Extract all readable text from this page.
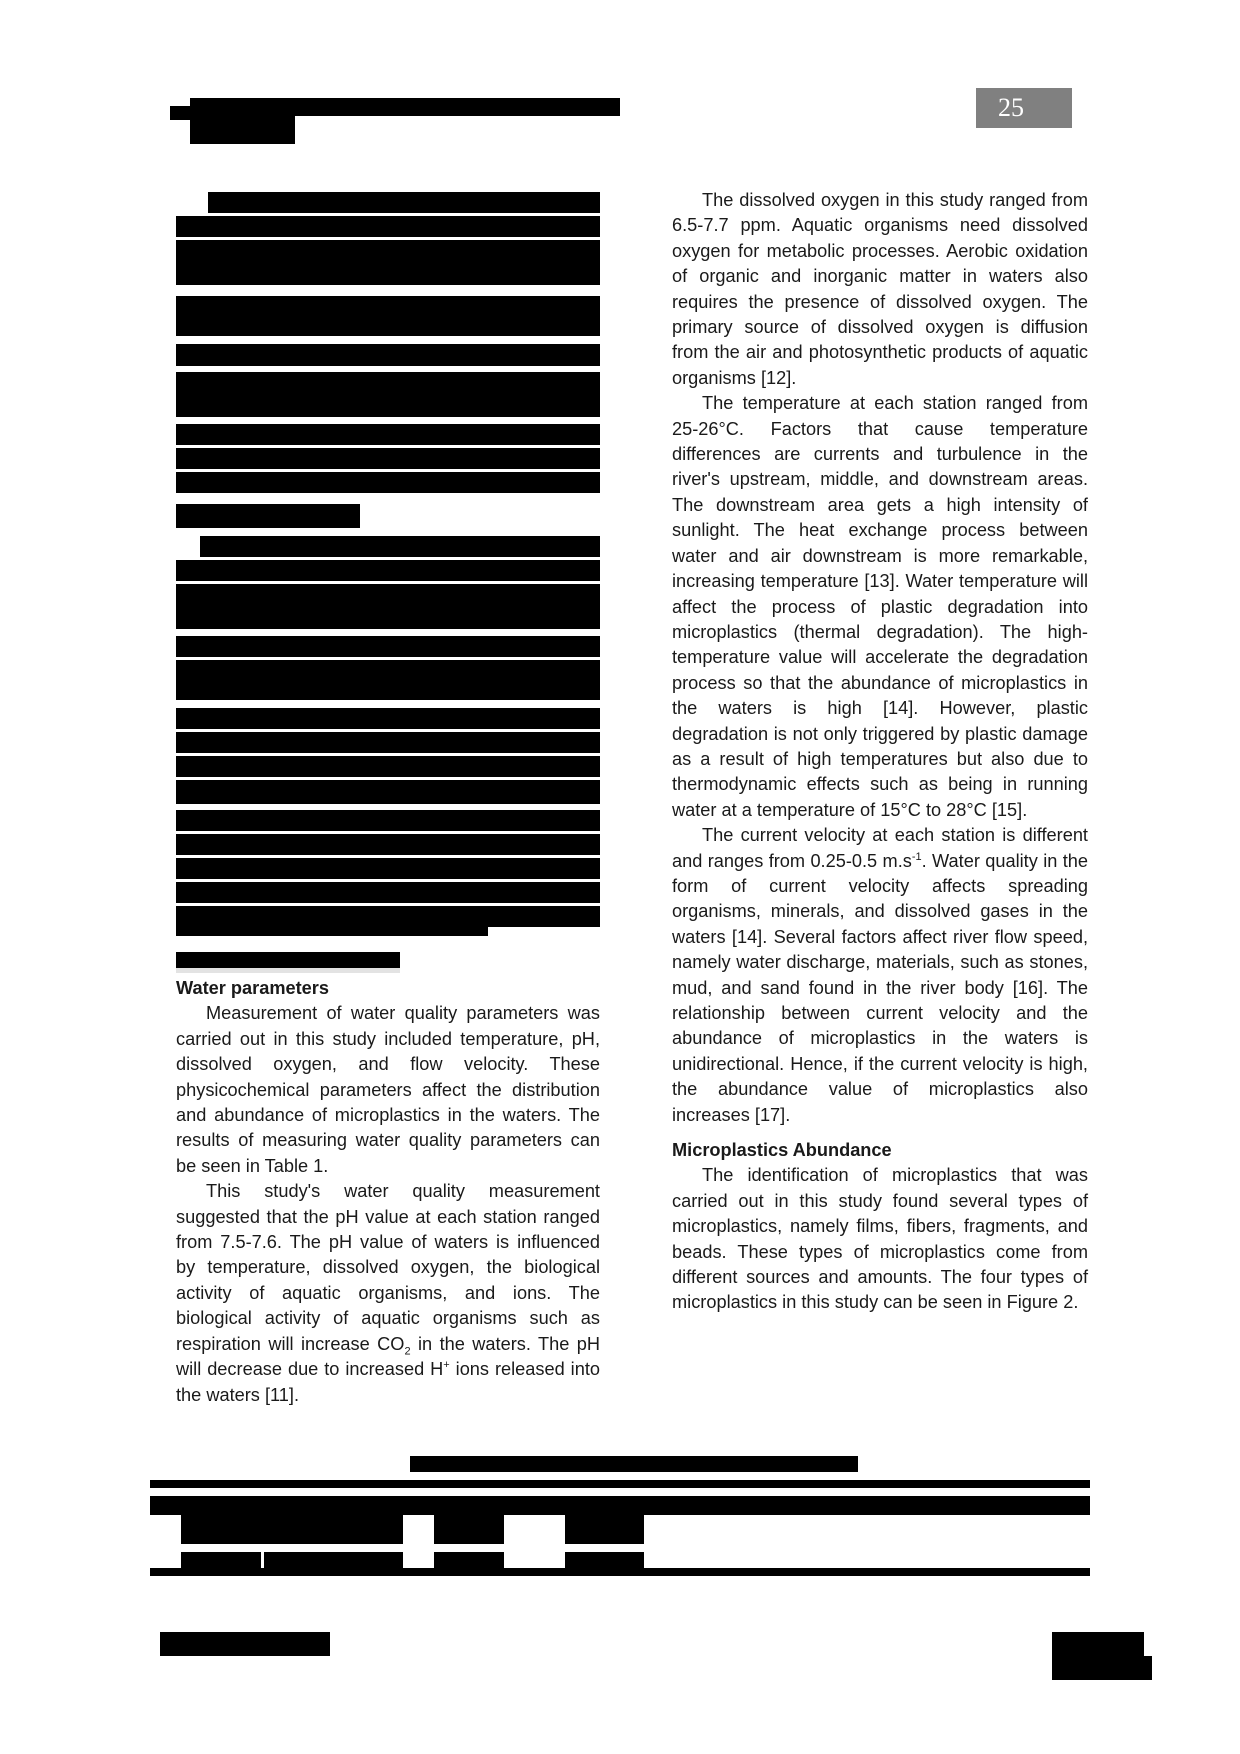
25
Water parameters

Measurement of water quality parameters was carried out in this study included temperature, pH, dissolved oxygen, and flow velocity. These physicochemical parameters affect the distribution and abundance of microplastics in the waters. The results of measuring water quality parameters can be seen in Table 1.

This study's water quality measurement suggested that the pH value at each station ranged from 7.5-7.6. The pH value of waters is influenced by temperature, dissolved oxygen, the biological activity of aquatic organisms, and ions. The biological activity of aquatic organisms such as respiration will increase $CO_2$ in the waters. The pH will decrease due to increased H+ ions released into the waters [11].

The dissolved oxygen in this study ranged from 6.5-7.7 ppm. Aquatic organisms need dissolved oxygen for metabolic processes. Aerobic oxidation of organic and inorganic matter in waters also requires the presence of dissolved oxygen. The primary source of dissolved oxygen is diffusion from the air and photosynthetic products of aquatic organisms [12].

The temperature at each station ranged from 25-26°C. Factors that cause temperature differences are currents and turbulence in the river's upstream, middle, and downstream areas. The downstream area gets a high intensity of sunlight. The heat exchange process between water and air downstream is more remarkable, increasing temperature [13]. Water temperature will affect the process of plastic degradation into microplastics (thermal degradation). The high-temperature value will accelerate the degradation process so that the abundance of microplastics in the waters is high [14]. However, plastic degradation is not only triggered by plastic damage as a result of high temperatures but also due to thermodynamic effects such as being in running water at a temperature of 15°C to 28°C [15].

The current velocity at each station is different and ranges from 0.25-0.5 $m.s^{-1}$. Water quality in the form of current velocity affects spreading organisms, minerals, and dissolved gases in the waters [14]. Several factors affect river flow speed, namely water discharge, materials, such as stones, mud, and sand found in the river body [16]. The relationship between current velocity and the abundance of microplastics in the waters is unidirectional. Hence, if the current velocity is high, the abundance value of microplastics also increases [17].

Microplastics Abundance

The identification of microplastics that was carried out in this study found several types of microplastics, namely films, fibers, fragments, and beads. These types of microplastics come from different sources and amounts. The four types of microplastics in this study can be seen in Figure 2.
